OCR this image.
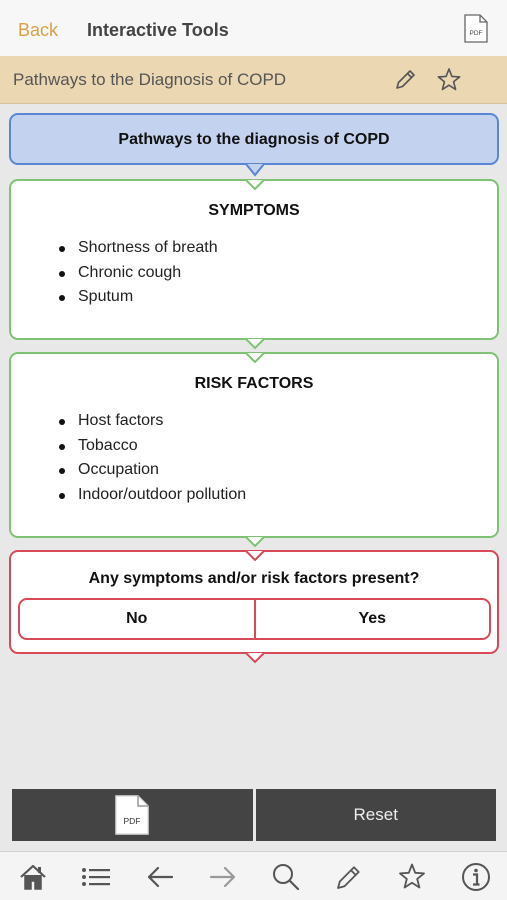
Back Interactive Tools	PDF
Pathways to the Diagnosis of COPD
Pathways to the diagnosis of COPD
SYMPTOMS
Shortness of breath
Chronic cough
Sputum
RISK FACTORS
Host factors
Tobacco
Occupation
Indoor/outdoor pollution
Any symptoms and/or risk factors present?
No	Yes
PDF	Reset
